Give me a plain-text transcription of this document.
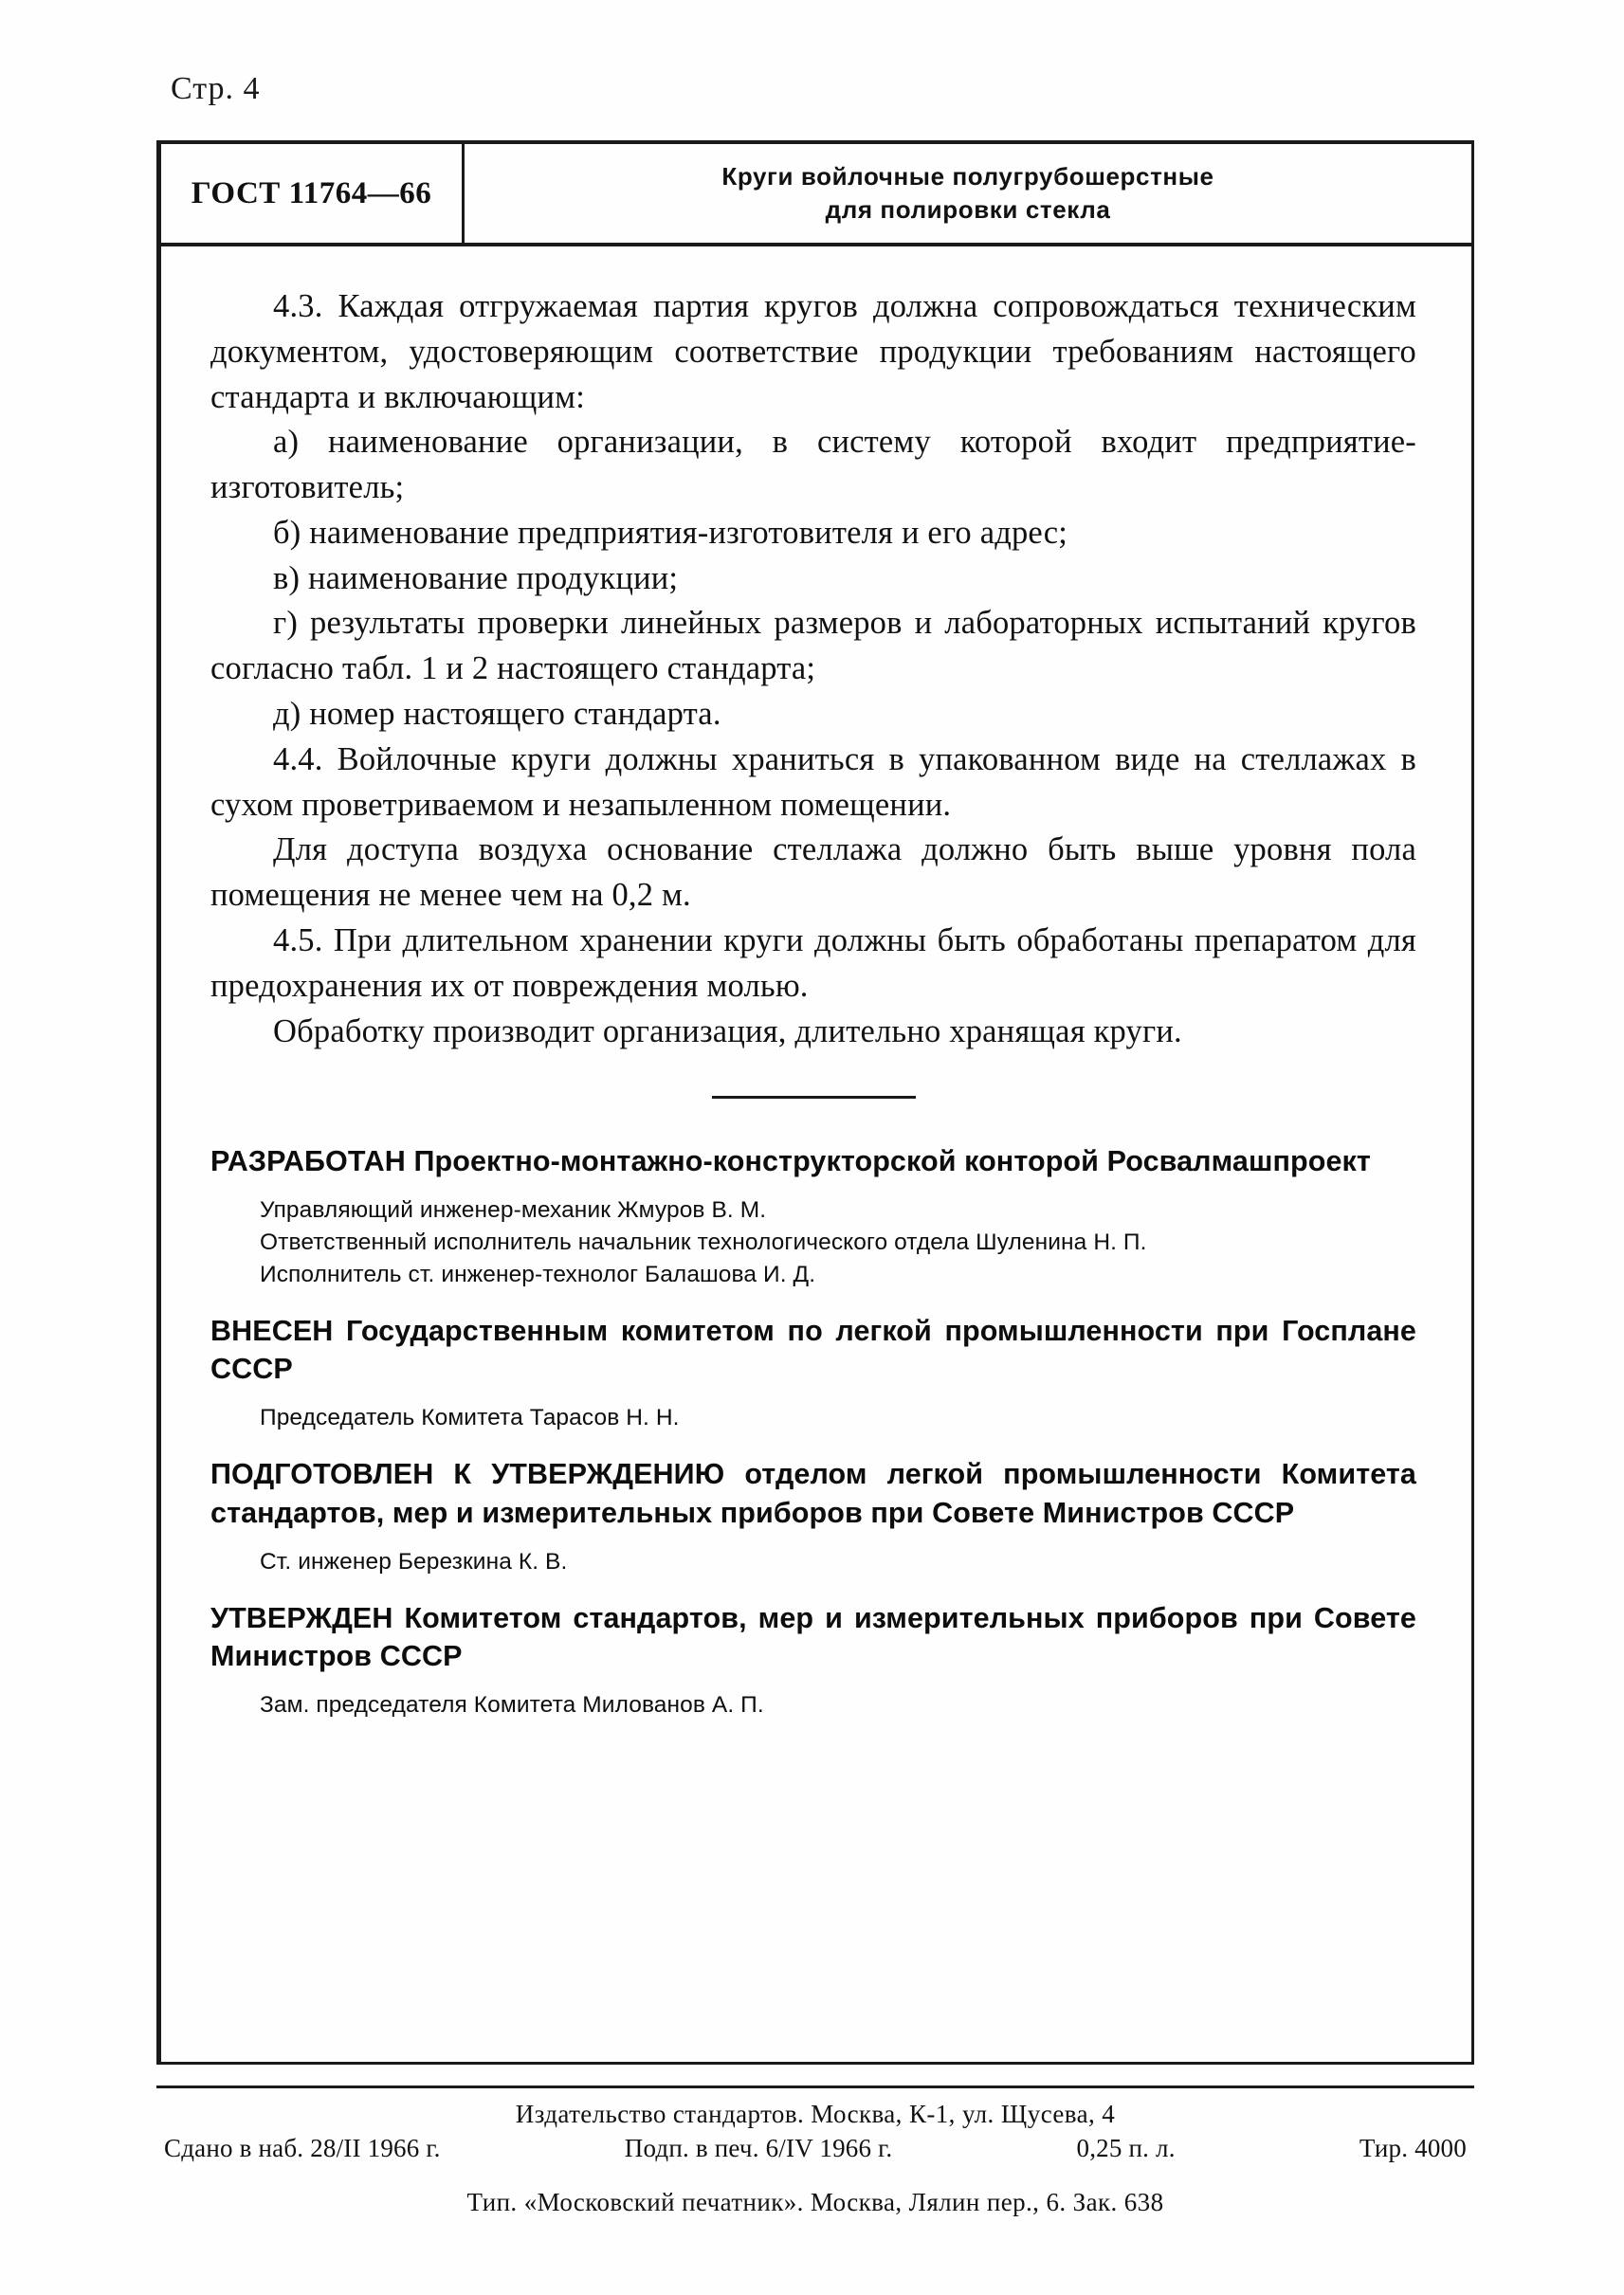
Стр. 4
ГОСТ 11764—66	Круги войлочные полугрубошерстные
для полировки стекла

4.3. Каждая отгружаемая партия кругов должна сопровождаться техническим документом, удостоверяющим соответствие продукции требованиям настоящего стандарта и включающим:

а) наименование организации, в систему которой входит предприятие-изготовитель;

б) наименование предприятия-изготовителя и его адрес;

в) наименование продукции;

г) результаты проверки линейных размеров и лабораторных испытаний кругов согласно табл. 1 и 2 настоящего стандарта;

д) номер настоящего стандарта.

4.4. Войлочные круги должны храниться в упакованном виде на стеллажах в сухом проветриваемом и незапыленном помещении.

Для доступа воздуха основание стеллажа должно быть выше уровня пола помещения не менее чем на 0,2 м.

4.5. При длительном хранении круги должны быть обработаны препаратом для предохранения их от повреждения молью.

Обработку производит организация, длительно хранящая круги.

РАЗРАБОТАН Проектно-монтажно-конструкторской конторой Росвалмашпроект
Управляющий инженер-механик Жмуров В. М.
Ответственный исполнитель начальник технологического отдела Шуленина Н. П.
Исполнитель ст. инженер-технолог Балашова И. Д.
ВНЕСЕН Государственным комитетом по легкой промышленности при Госплане СССР
Председатель Комитета Тарасов Н. Н.
ПОДГОТОВЛЕН К УТВЕРЖДЕНИЮ отделом легкой промышленности Комитета стандартов, мер и измерительных приборов при Совете Министров СССР
Ст. инженер Березкина К. В.
УТВЕРЖДЕН Комитетом стандартов, мер и измерительных приборов при Совете Министров СССР
Зам. председателя Комитета Милованов А. П.
Издательство стандартов. Москва, К-1, ул. Щусева, 4
Сдано в наб. 28/II 1966 г.	Подп. в печ. 6/IV 1966 г.	0,25 п. л.	Тир. 4000
Тип. «Московский печатник». Москва, Лялин пер., 6. Зак. 638
